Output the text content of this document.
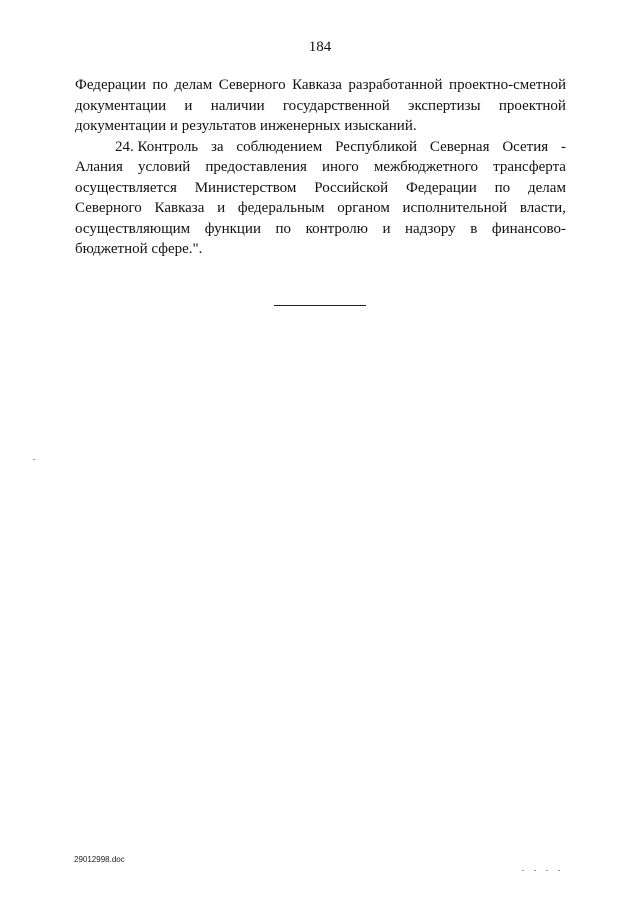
184
Федерации по делам Северного Кавказа разработанной проектно-сметной
документации и наличии государственной экспертизы проектной
документации и результатов инженерных изысканий.
24. Контроль за соблюдением Республикой Северная Осетия -
Алания условий предоставления иного межбюджетного трансферта
осуществляется Министерством Российской Федерации по делам
Северного Кавказа и федеральным органом исполнительной власти,
осуществляющим функции по контролю и надзору в финансово-
бюджетной сфере.".
29012998.doc
